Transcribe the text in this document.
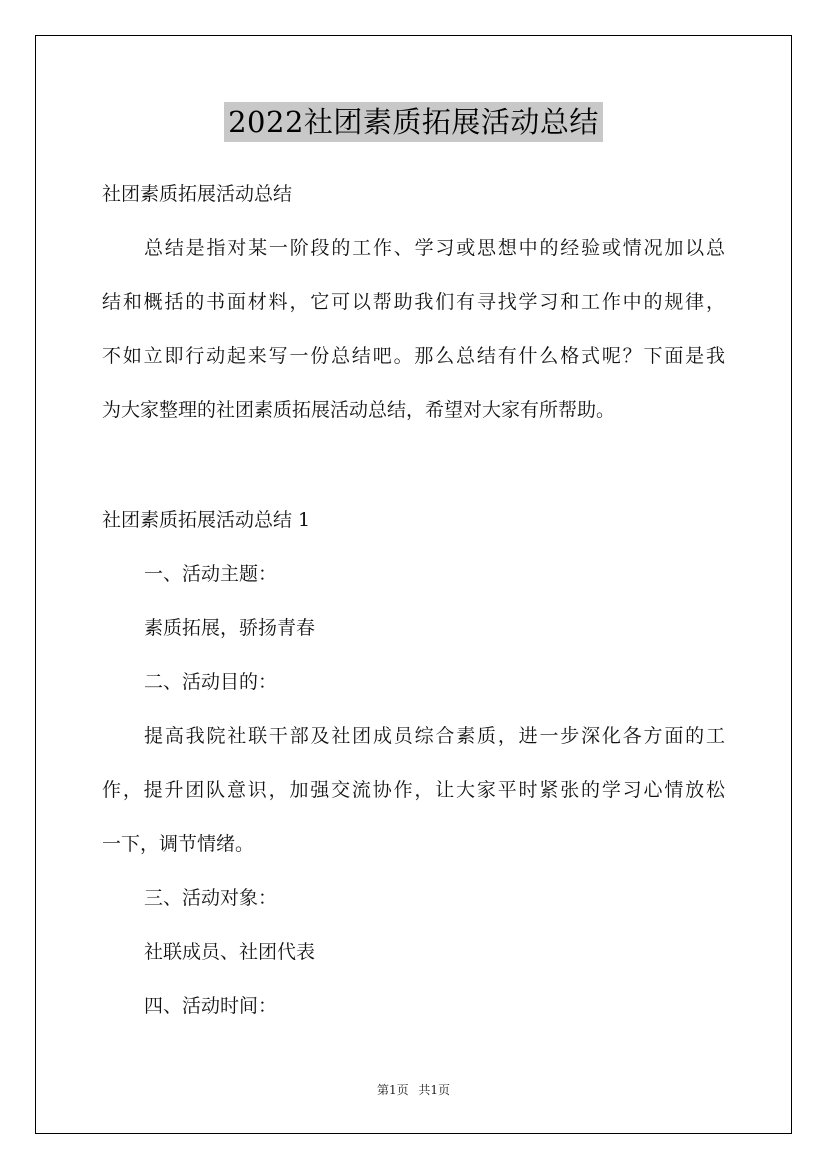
2022社团素质拓展活动总结
社团素质拓展活动总结
总结是指对某一阶段的工作、学习或思想中的经验或情况加以总
结和概括的书面材料，它可以帮助我们有寻找学习和工作中的规律，
不如立即行动起来写一份总结吧。那么总结有什么格式呢？下面是我
为大家整理的社团素质拓展活动总结，希望对大家有所帮助。
社团素质拓展活动总结 1
一、活动主题：
素质拓展，骄扬青春
二、活动目的：
提高我院社联干部及社团成员综合素质，进一步深化各方面的工
作，提升团队意识，加强交流协作，让大家平时紧张的学习心情放松
一下，调节情绪。
三、活动对象：
社联成员、社团代表
四、活动时间：
第1页 共1页
